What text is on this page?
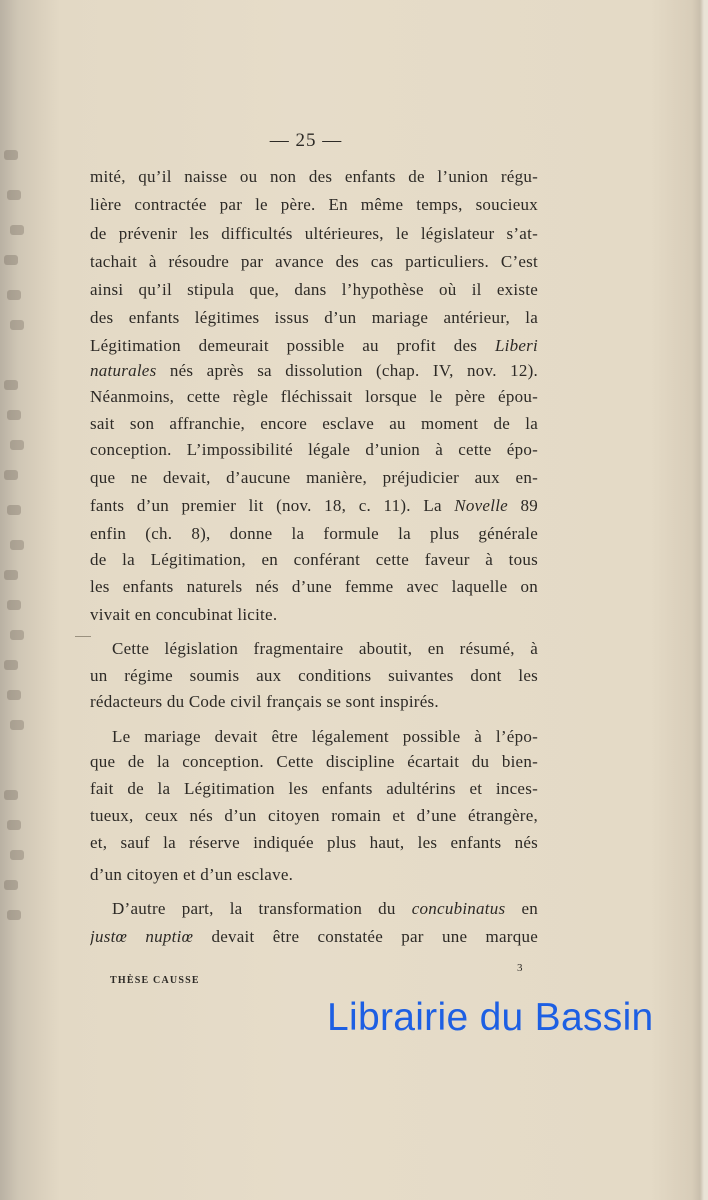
— 25 —
mité, qu’il naisse ou non des enfants de l’union régu-
lière contractée par le père. En même temps, soucieux
de prévenir les difficultés ultérieures, le législateur s’at-
tachait à résoudre par avance des cas particuliers. C’est
ainsi qu’il stipula que, dans l’hypothèse où il existe
des enfants légitimes issus d’un mariage antérieur, la
Légitimation demeurait possible au profit des Liberi
naturales nés après sa dissolution (chap. IV, nov. 12).
Néanmoins, cette règle fléchissait lorsque le père épou-
sait son affranchie, encore esclave au moment de la
conception. L’impossibilité légale d’union à cette épo-
que ne devait, d’aucune manière, préjudicier aux en-
fants d’un premier lit (nov. 18, c. 11). La Novelle 89
enfin (ch. 8), donne la formule la plus générale
de la Légitimation, en conférant cette faveur à tous
les enfants naturels nés d’une femme avec laquelle on
vivait en concubinat licite.
Cette législation fragmentaire aboutit, en résumé, à
un régime soumis aux conditions suivantes dont les
rédacteurs du Code civil français se sont inspirés.
Le mariage devait être légalement possible à l’épo-
que de la conception. Cette discipline écartait du bien-
fait de la Légitimation les enfants adultérins et inces-
tueux, ceux nés d’un citoyen romain et d’une étrangère,
et, sauf la réserve indiquée plus haut, les enfants nés
d’un citoyen et d’un esclave.
D’autre part, la transformation du concubinatus en
justœ nuptiœ devait être constatée par une marque
3
THÈSE CAUSSE
Librairie du Bassin
